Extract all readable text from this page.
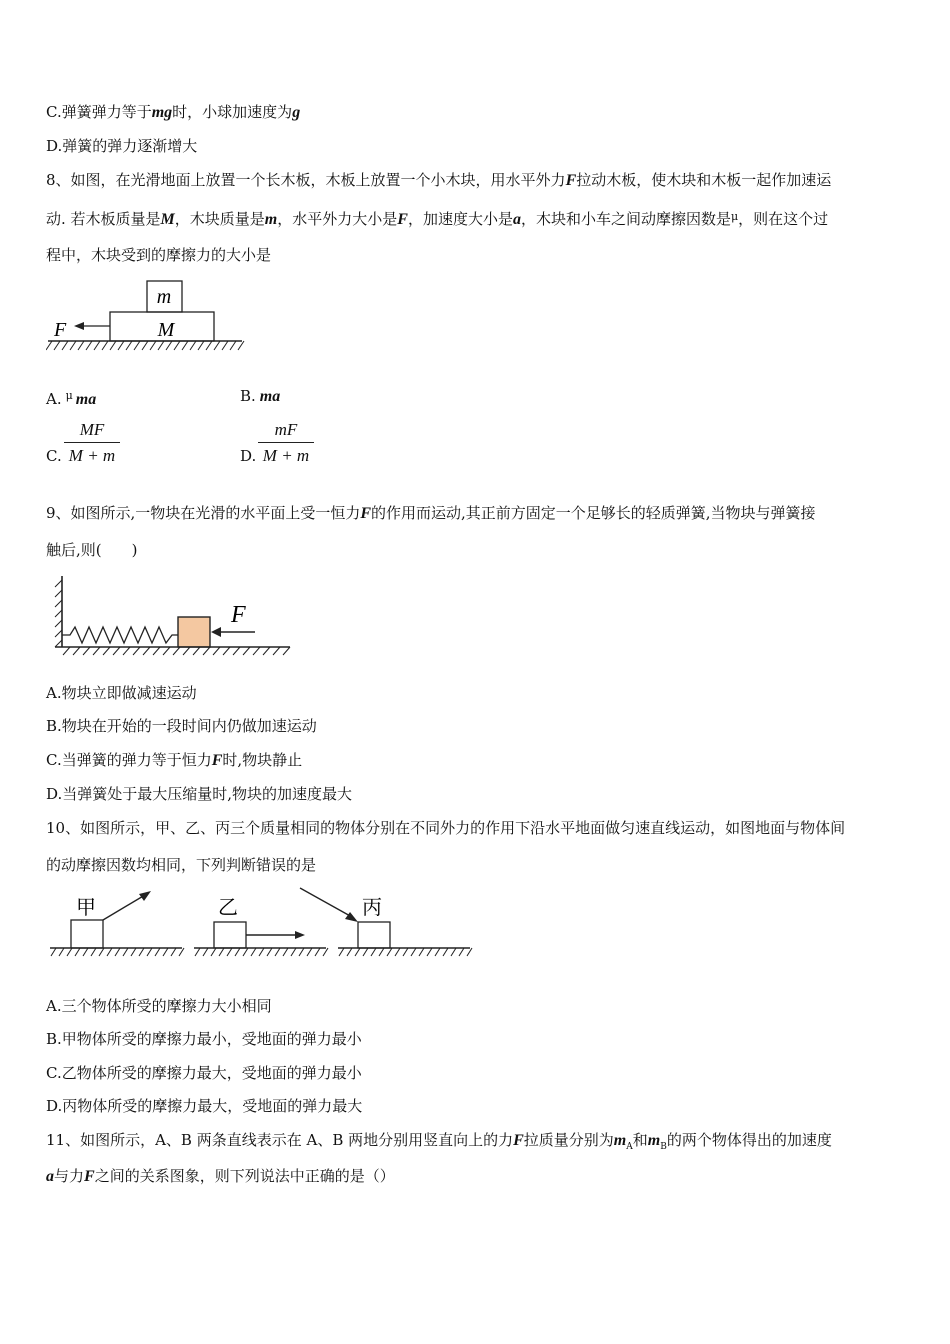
C.弹簧弹力等于mg时，小球加速度为g
D.弹簧的弹力逐渐增大
8、如图，在光滑地面上放置一个长木板，木板上放置一个小木块，用水平外力F拉动木板，使木块和木板一起作加速运
动. 若木板质量是M，木块质量是m，水平外力大小是F，加速度大小是a，木块和小车之间动摩擦因数是$^\mu$，则在这个过
程中，木块受到的摩擦力的大小是
m
M
F
A. $^\mu$ ma	B. ma
C. $\frac{MF}{M + m}$	D. $\frac{mF}{M + m}$
9、如图所示,一物块在光滑的水平面上受一恒力F的作用而运动,其正前方固定一个足够长的轻质弹簧,当物块与弹簧接
触后,则(　　)
F
A.物块立即做减速运动
B.物块在开始的一段时间内仍做加速运动
C.当弹簧的弹力等于恒力F时,物块静止
D.当弹簧处于最大压缩量时,物块的加速度最大
10、如图所示，甲、乙、丙三个质量相同的物体分别在不同外力的作用下沿水平地面做匀速直线运动，如图地面与物体间
的动摩擦因数均相同，下列判断错误的是
甲	乙	丙
A.三个物体所受的摩擦力大小相同
B.甲物体所受的摩擦力最小，受地面的弹力最小
C.乙物体所受的摩擦力最大，受地面的弹力最小
D.丙物体所受的摩擦力最大，受地面的弹力最大
11、如图所示，A、B 两条直线表示在 A、B 两地分别用竖直向上的力F拉质量分别为$m_A$和$m_B$的两个物体得出的加速度
a与力F之间的关系图象，则下列说法中正确的是（）
